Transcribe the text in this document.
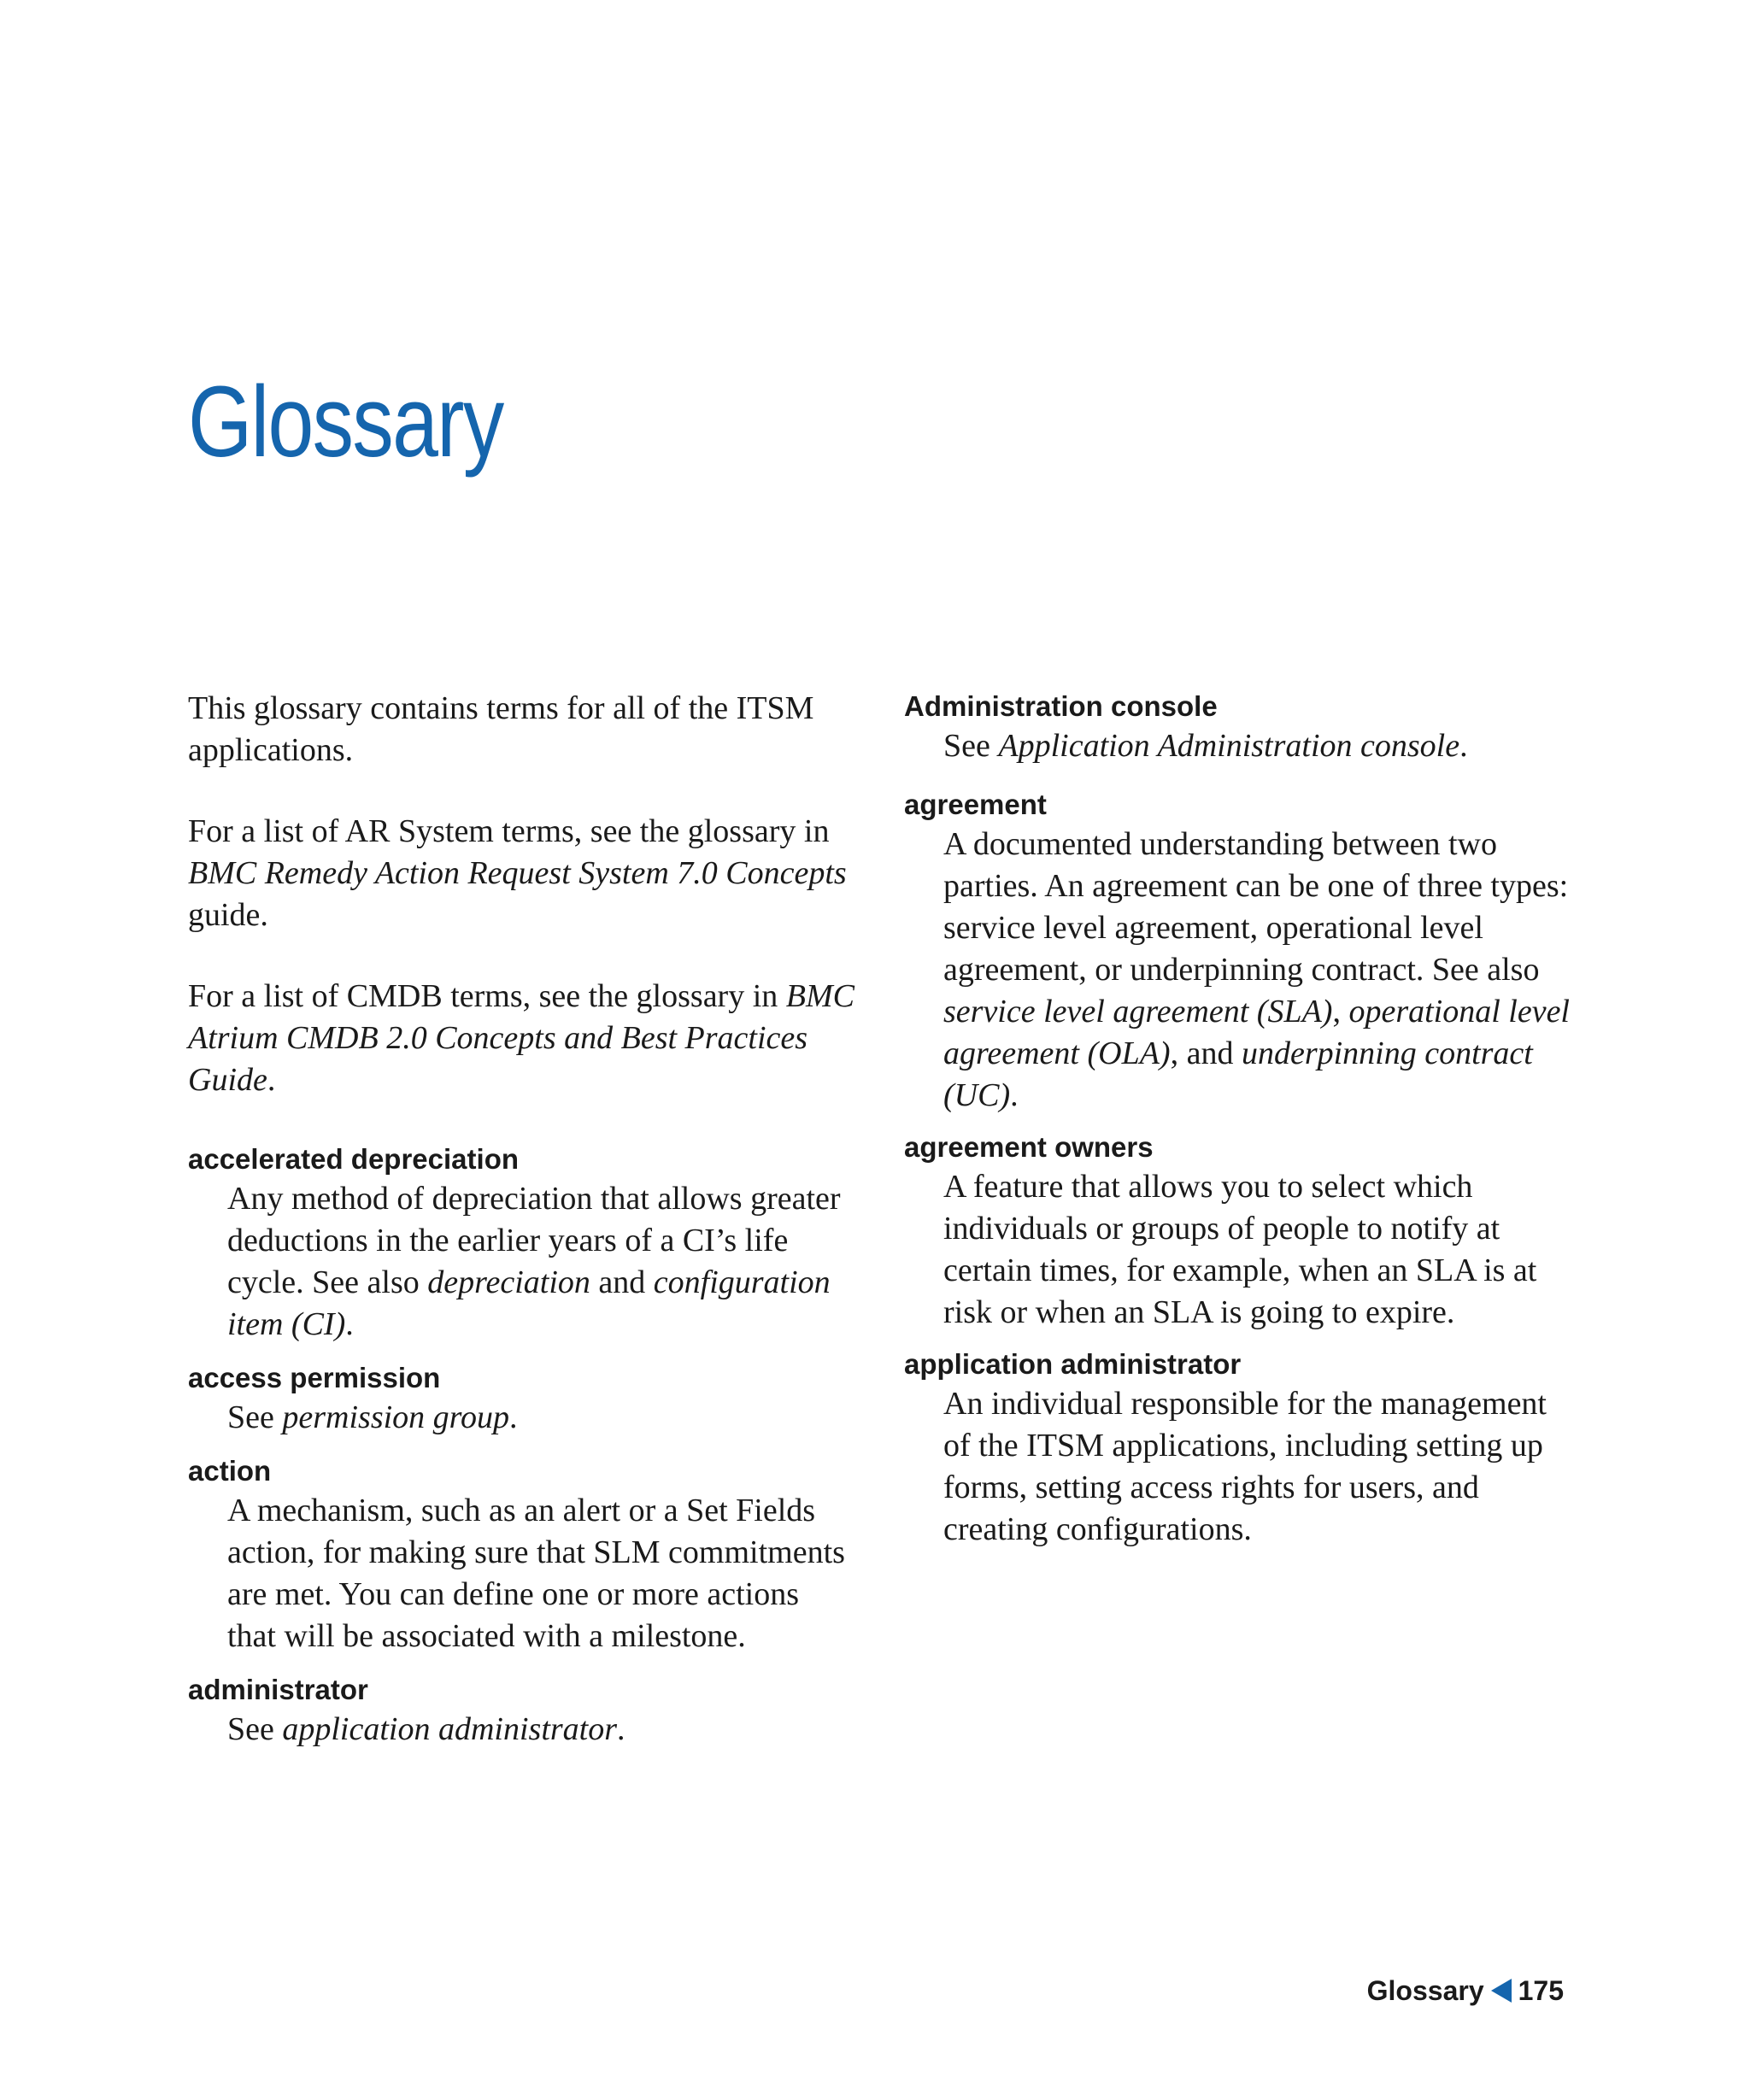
Glossary

This glossary contains terms for all of the ITSM applications.

For a list of AR System terms, see the glossary in BMC Remedy Action Request System 7.0 Concepts guide.

For a list of CMDB terms, see the glossary in BMC Atrium CMDB 2.0 Concepts and Best Practices Guide.

accelerated depreciation

Any method of depreciation that allows greater deductions in the earlier years of a CI’s life cycle. See also depreciation and configuration item (CI).

access permission

See permission group.

action

A mechanism, such as an alert or a Set Fields action, for making sure that SLM commitments are met. You can define one or more actions that will be associated with a milestone.

administrator

See application administrator.

Administration console

See Application Administration console.

agreement

A documented understanding between two parties. An agreement can be one of three types: service level agreement, operational level agreement, or underpinning contract. See also service level agreement (SLA), operational level agreement (OLA), and underpinning contract (UC).

agreement owners

A feature that allows you to select which individuals or groups of people to notify at certain times, for example, when an SLA is at risk or when an SLA is going to expire.

application administrator

An individual responsible for the management of the ITSM applications, including setting up forms, setting access rights for users, and creating configurations.

Glossary 175
